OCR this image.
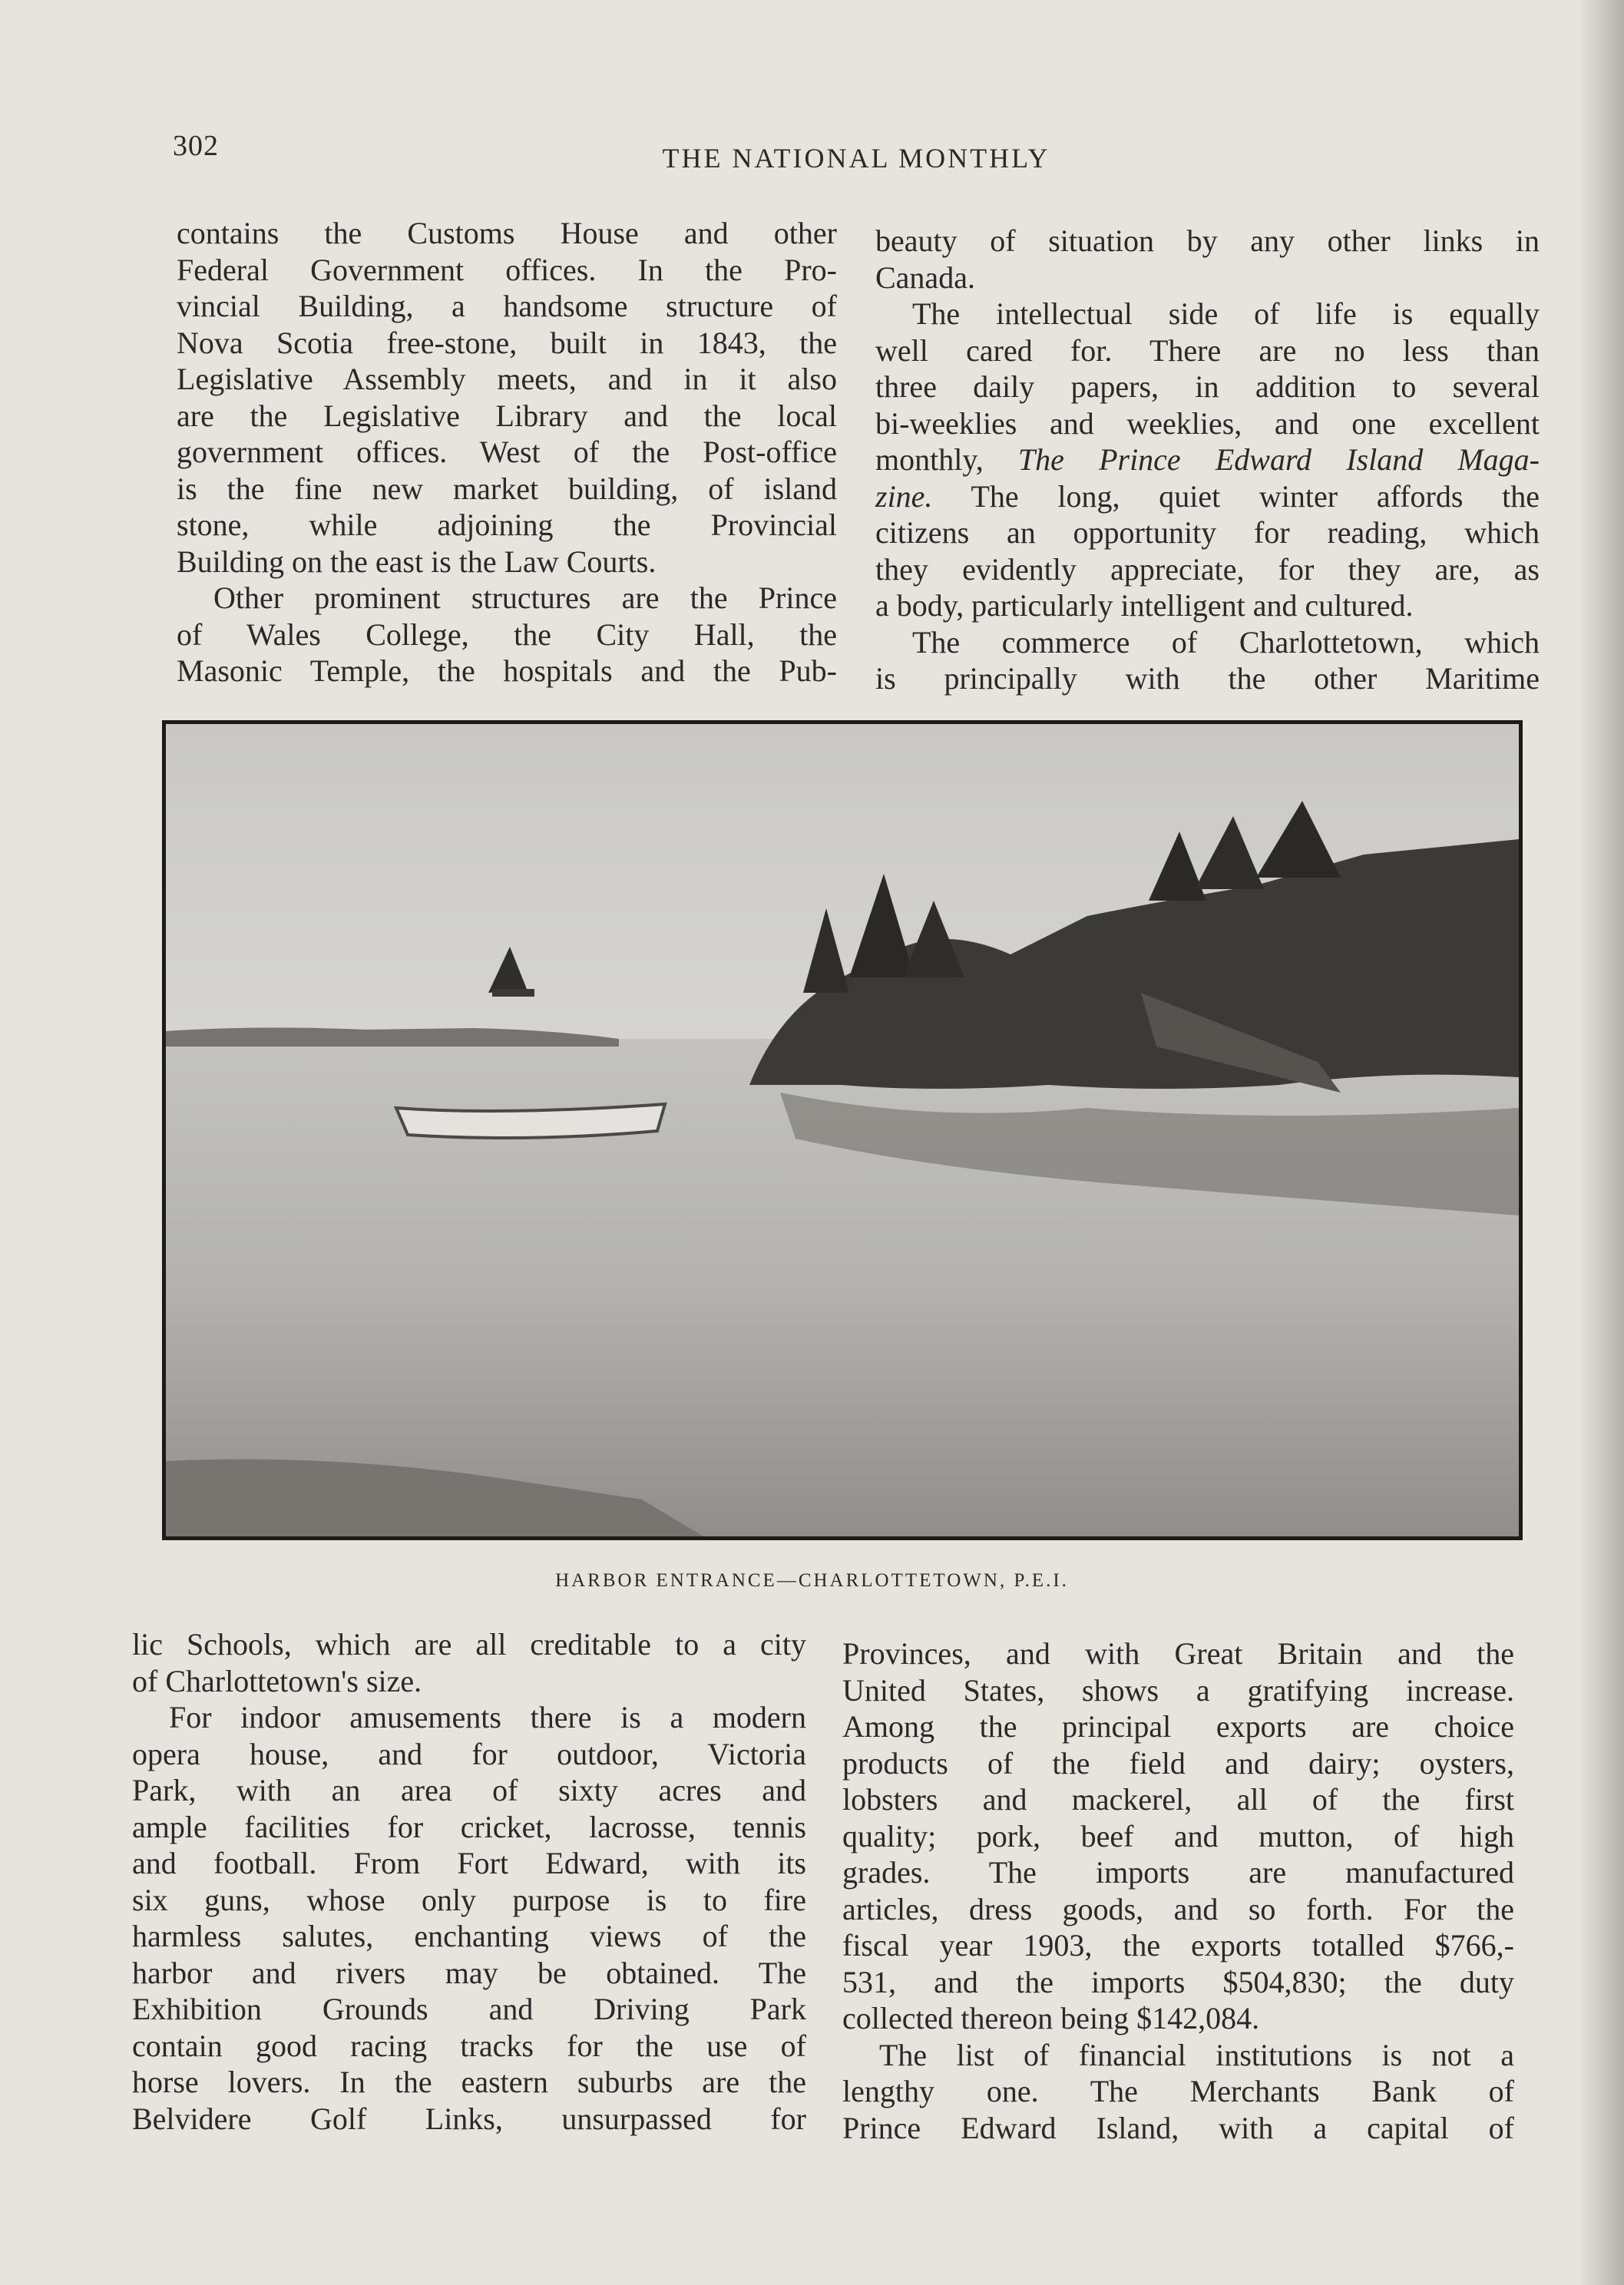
302	THE NATIONAL MONTHLY
contains the Customs House and other
Federal Government offices. In the Pro-
vincial Building, a handsome structure of
Nova Scotia free-stone, built in 1843, the
Legislative Assembly meets, and in it also
are the Legislative Library and the local
government offices. West of the Post-office
is the fine new market building, of island
stone, while adjoining the Provincial
Building on the east is the Law Courts.
Other prominent structures are the Prince
of Wales College, the City Hall, the
Masonic Temple, the hospitals and the Pub-
beauty of situation by any other links in
Canada.
The intellectual side of life is equally
well cared for. There are no less than
three daily papers, in addition to several
bi-weeklies and weeklies, and one excellent
monthly, The Prince Edward Island Maga-
zine. The long, quiet winter affords the
citizens an opportunity for reading, which
they evidently appreciate, for they are, as
a body, particularly intelligent and cultured.
The commerce of Charlottetown, which
is principally with the other Maritime
HARBOR ENTRANCE—CHARLOTTETOWN, P.E.I.
lic Schools, which are all creditable to a city
of Charlottetown's size.
For indoor amusements there is a modern
opera house, and for outdoor, Victoria
Park, with an area of sixty acres and
ample facilities for cricket, lacrosse, tennis
and football. From Fort Edward, with its
six guns, whose only purpose is to fire
harmless salutes, enchanting views of the
harbor and rivers may be obtained. The
Exhibition Grounds and Driving Park
contain good racing tracks for the use of
horse lovers. In the eastern suburbs are the
Belvidere Golf Links, unsurpassed for
Provinces, and with Great Britain and the
United States, shows a gratifying increase.
Among the principal exports are choice
products of the field and dairy; oysters,
lobsters and mackerel, all of the first
quality; pork, beef and mutton, of high
grades. The imports are manufactured
articles, dress goods, and so forth. For the
fiscal year 1903, the exports totalled $766,-
531, and the imports $504,830; the duty
collected thereon being $142,084.
The list of financial institutions is not a
lengthy one. The Merchants Bank of
Prince Edward Island, with a capital of
